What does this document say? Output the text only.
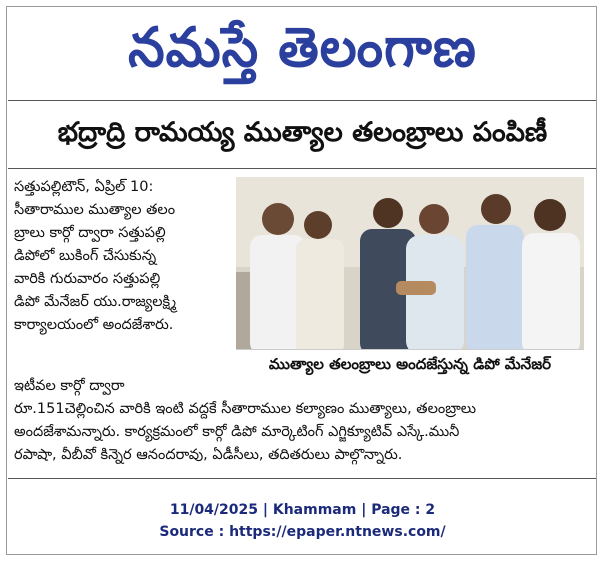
నమస్తే తెలంగాణ
భద్రాద్రి రామయ్య ముత్యాల తలంబ్రాలు పంపిణీ

సత్తుపల్లిటౌన్, ఏప్రిల్ 10:

సీతారాముల ముత్యాల తలం

బ్రాలు కార్గో ద్వారా సత్తుపల్లి

డిపోలో బుకింగ్ చేసుకున్న

వారికి గురువారం సత్తుపల్లి

డిపో మేనేజర్ యు.రాజ్యలక్ష్మి

కార్యాలయంలో అందజేశారు.

ముత్యాల తలంబ్రాలు అందజేస్తున్న డిపో మేనేజర్

ఇటీవల కార్గో ద్వారా

రూ.151చెల్లించిన వారికి ఇంటి వద్దకే సీతారాముల కల్యాణం ముత్యాలు, తలంబ్రాలు

అందజేశామన్నారు. కార్యక్రమంలో కార్గో డిపో మార్కెటింగ్ ఎగ్జిక్యూటివ్ ఎస్కే.మునీ

రపాషా, వీబీవో కిన్నెర ఆనందరావు, ఏడీసీలు, తదితరులు పాల్గొన్నారు.

11/04/2025 | Khammam | Page : 2
Source : https://epaper.ntnews.com/
